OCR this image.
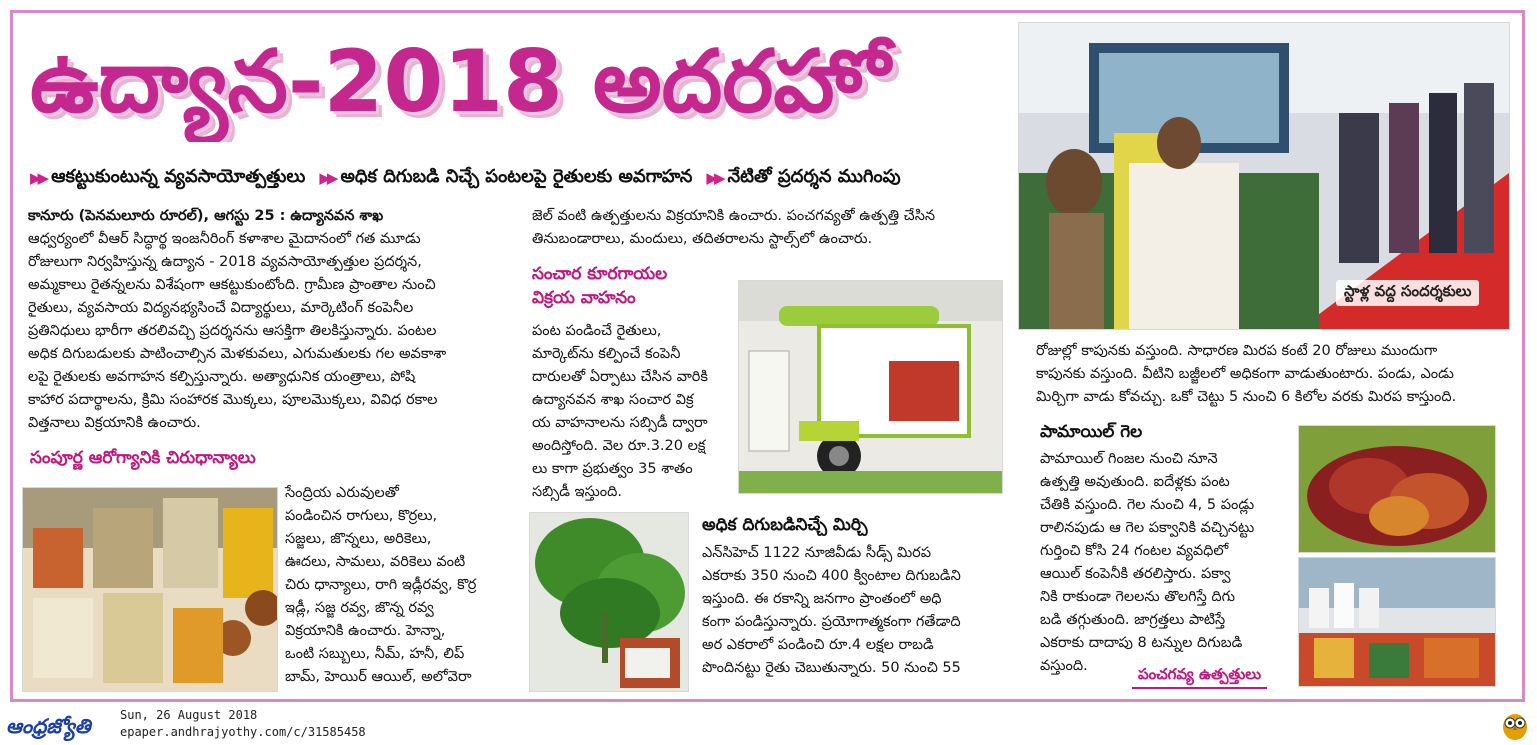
ఉద్యాన-2018 అదరహో
▶▶ ఆకట్టుకుంటున్న వ్యవసాయోత్పత్తులు ▶▶ అధిక దిగుబడి నిచ్చే పంటలపై రైతులకు అవగాహన ▶▶ నేటితో ప్రదర్శన ముగింపు
స్టాళ్ల వద్ద సందర్శకులు
కానూరు (పెనమలూరు రూరల్), ఆగస్టు 25 : ఉద్యానవన శాఖ
ఆధ్వర్యంలో వీఆర్ సిద్ధార్థ ఇంజనీరింగ్ కళాశాల మైదానంలో గత మూడు
రోజులుగా నిర్వహిస్తున్న ఉద్యాన - 2018 వ్యవసాయోత్పత్తుల ప్రదర్శన,
అమ్మకాలు రైతన్నలను విశేషంగా ఆకట్టుకుంటోంది. గ్రామీణ ప్రాంతాల నుంచి
రైతులు, వ్యవసాయ విద్యనభ్యసించే విద్యార్థులు, మార్కెటింగ్ కంపెనీల
ప్రతినిధులు భారీగా తరలివచ్చి ప్రదర్శనను ఆసక్తిగా తిలకిస్తున్నారు. పంటల
అధిక దిగుబడులకు పాటించాల్సిన మెళకువలు, ఎగుమతులకు గల అవకాశా
లపై రైతులకు అవగాహన కల్పిస్తున్నారు. అత్యాధునిక యంత్రాలు, పోషి
కాహార పదార్థాలను, క్రిమి సంహారక మొక్కలు, పూలమొక్కలు, వివిధ రకాల
విత్తనాలు విక్రయానికి ఉంచారు.
సంపూర్ణ ఆరోగ్యానికి చిరుధాన్యాలు
సేంద్రియ ఎరువులతో
పండించిన రాగులు, కొర్రలు,
సజ్జలు, జొన్నలు, అరికెలు,
ఊదలు, సామలు, వరికెలు వంటి
చిరు ధాన్యాలు, రాగి ఇడ్లీరవ్వ, కొర్ర
ఇడ్లీ, సజ్జ రవ్వ, జొన్న రవ్వ
విక్రయానికి ఉంచారు. హెన్నా,
ఒంటి సబ్బులు, నీమ్, హనీ, లిప్
బామ్, హెయిర్ ఆయిల్, అలోవెరా
జెల్ వంటి ఉత్పత్తులను విక్రయానికి ఉంచారు. పంచగవ్యతో ఉత్పత్తి చేసిన
తినుబండారాలు, మందులు, తదితరాలను స్టాల్స్‌లో ఉంచారు.
సంచార కూరగాయల
విక్రయ వాహనం
పంట పండించే రైతులు,
మార్కెట్‌ను కల్పించే కంపెనీ
దారులతో ఏర్పాటు చేసిన వారికి
ఉద్యానవన శాఖ సంచార విక్ర
య వాహనాలను సబ్సిడీ ద్వారా
అందిస్తోంది. వెల రూ.3.20 లక్ష
లు కాగా ప్రభుత్వం 35 శాతం
సబ్సిడీ ఇస్తుంది.
అధిక దిగుబడినిచ్చే మిర్చి
ఎన్‌సిహెచ్ 1122 నూజివీడు సీడ్స్ మిరప
ఎకరాకు 350 నుంచి 400 క్వింటాల దిగుబడిని
ఇస్తుంది. ఈ రకాన్ని జనగాం ప్రాంతంలో అధి
కంగా పండిస్తున్నారు. ప్రయోగాత్మకంగా గతేడాది
అర ఎకరాలో పండించి రూ.4 లక్షల రాబడి
పొందినట్టు రైతు చెబుతున్నారు. 50 నుంచి 55
రోజుల్లో కాపునకు వస్తుంది. సాధారణ మిరప కంటే 20 రోజులు ముందుగా
కాపునకు వస్తుంది. వీటిని బజ్జీలలో అధికంగా వాడుతుంటారు. పండు, ఎండు
మిర్చిగా వాడు కోవచ్చు. ఒకో చెట్టు 5 నుంచి 6 కిలోల వరకు మిరప కాస్తుంది.
పామాయిల్ గెల
పామాయిల్ గింజల నుంచి నూనె
ఉత్పత్తి అవుతుంది. ఐదేళ్లకు పంట
చేతికి వస్తుంది. గెల నుంచి 4, 5 పండ్లు
రాలినపుడు ఆ గెల పక్వానికి వచ్చినట్టు
గుర్తించి కోసి 24 గంటల వ్యవధిలో
ఆయిల్ కంపెనీకి తరలిస్తారు. పక్వా
నికి రాకుండా గెలలను తొలగిస్తే దిగు
బడి తగ్గుతుంది. జాగ్రత్తలు పాటిస్తే
ఎకరాకు దాదాపు 8 టన్నుల దిగుబడి
వస్తుంది.	పంచగవ్య ఉత్పత్తులు
ఆంధ్రజ్యోతి	Sun, 26 August 2018
epaper.andhrajyothy.com/c/31585458
